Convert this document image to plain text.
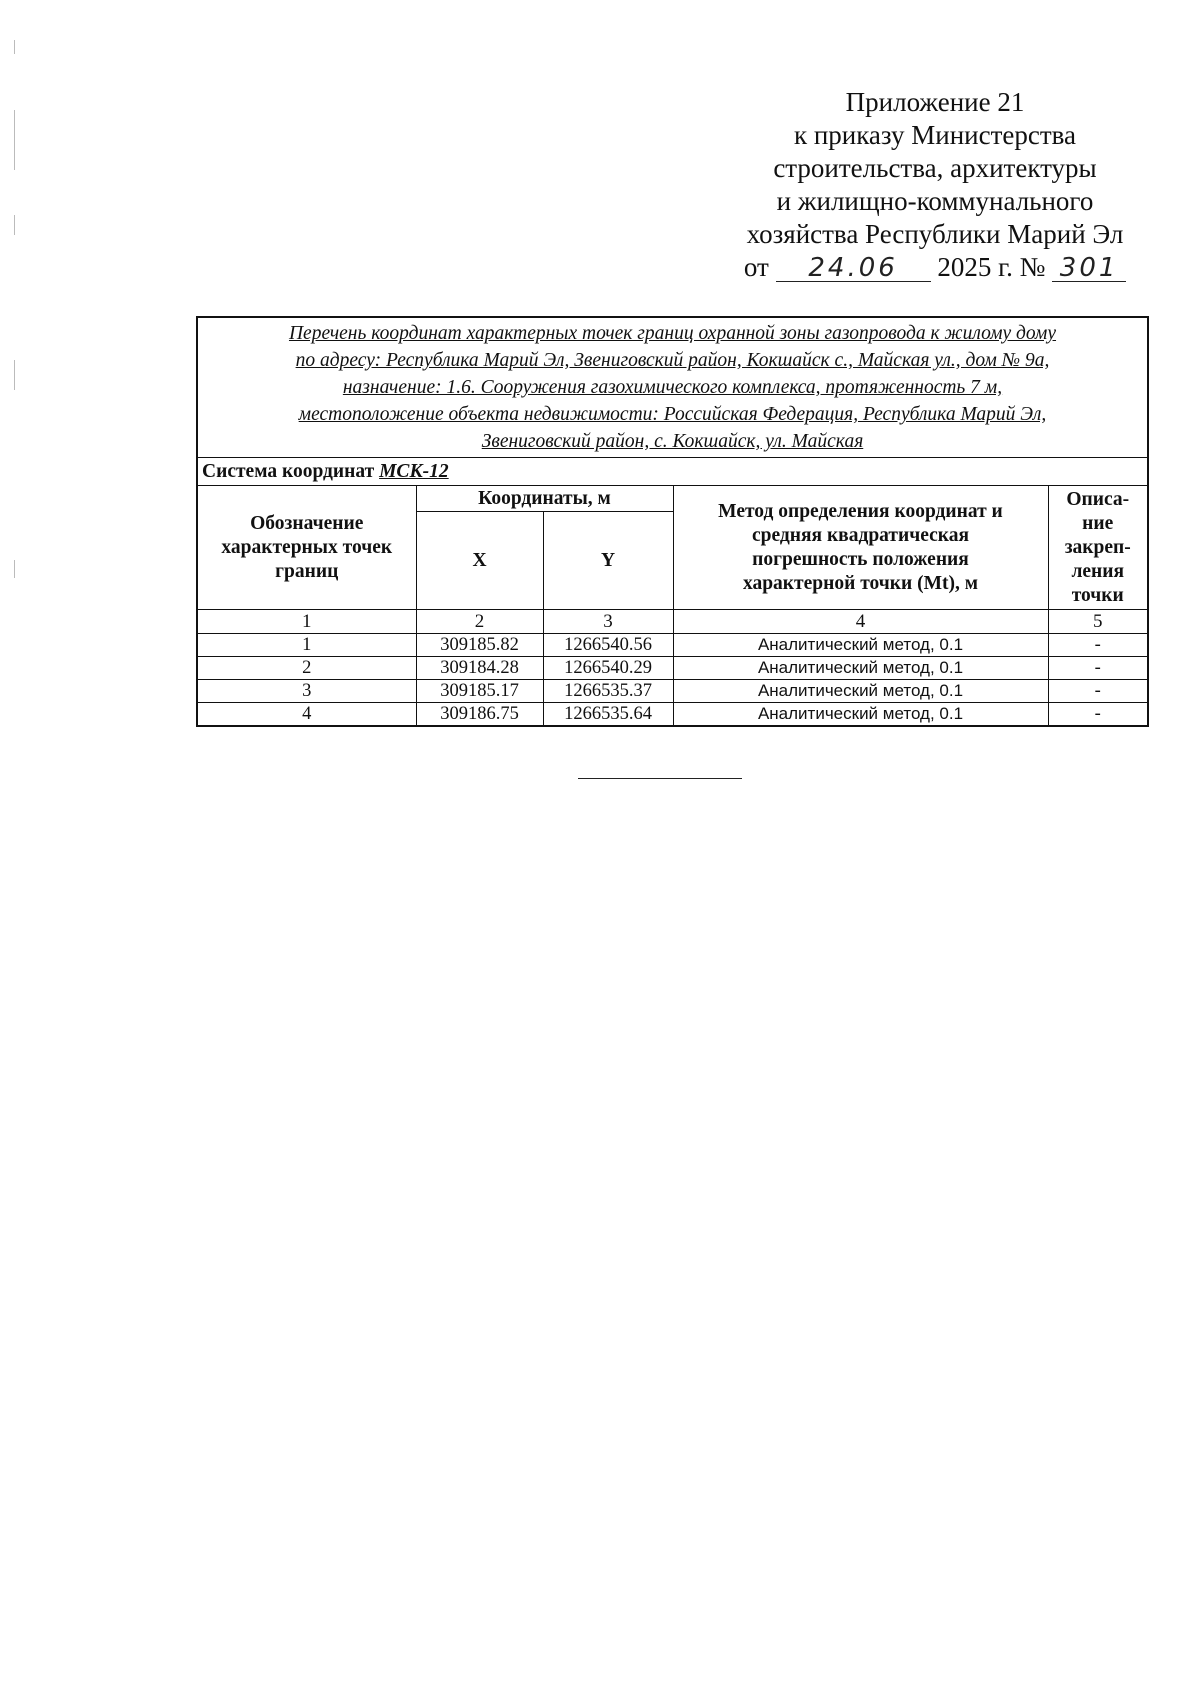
Приложение 21
к приказу Министерства
строительства, архитектуры
и жилищно-коммунального
хозяйства Республики Марий Эл
от 24.06 2025 г. № 301
Перечень координат характерных точек границ охранной зоны газопровода к жилому дому
по адресу: Республика Марий Эл, Звениговский район, Кокшайск с., Майская ул., дом № 9а,
назначение: 1.6. Сооружения газохимического комплекса, протяженность 7 м,
местоположение объекта недвижимости: Российская Федерация, Республика Марий Эл,
Звениговский район, с. Кокшайск, ул. Майская				

Система координат МСК-12				

Обозначение
характерных точек
границ	Координаты, м		Метод определения координат и
средняя квадратическая
погрешность положения
характерной точки (Mt), м	Описа-
ние
закреп-
ления
точки

	X	Y		
1	2	3	4	5
1	309185.82	1266540.56	Аналитический метод, 0.1	-
2	309184.28	1266540.29	Аналитический метод, 0.1	-
3	309185.17	1266535.37	Аналитический метод, 0.1	-
4	309186.75	1266535.64	Аналитический метод, 0.1	-
